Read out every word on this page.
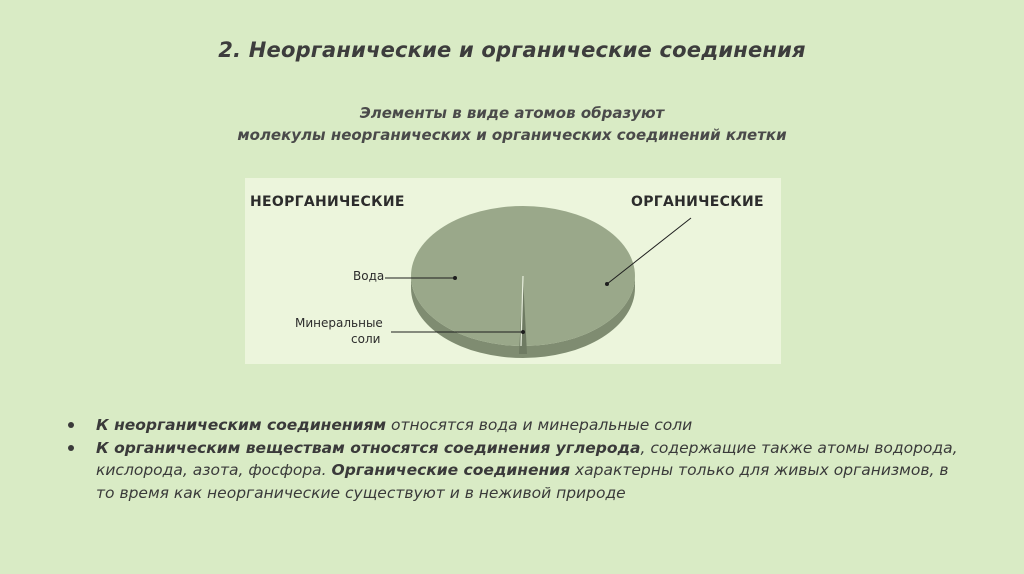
2. Неорганические и органические соединения
Элементы в виде атомов образуют
молекулы неорганических и органических соединений клетки
НЕОРГАНИЧЕСКИЕ	ОРГАНИЧЕСКИЕ
Вода
Минеральные
соли
К неорганическим соединениям относятся вода и минеральные соли
К органическим веществам относятся соединения углерода, содержащие также атомы водорода, кислорода, азота, фосфора. Органические соединения характерны только для живых организмов, в то время как неорганические существуют и в неживой природе
